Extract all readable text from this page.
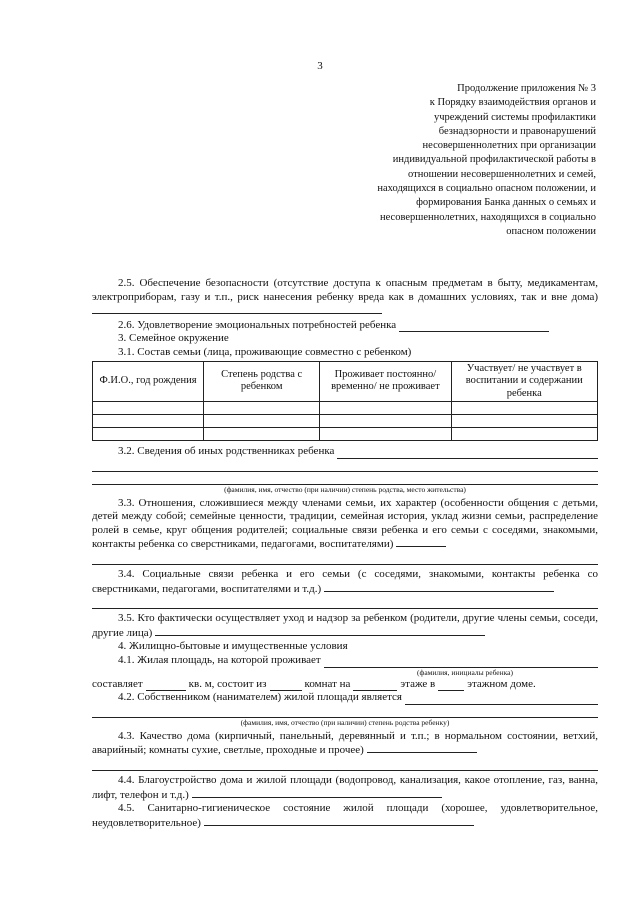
3
Продолжение приложения № 3
к Порядку взаимодействия органов и
учреждений системы профилактики
безнадзорности и правонарушений
несовершеннолетних при организации
индивидуальной профилактической работы в
отношении несовершеннолетних и семей,
находящихся в социально опасном положении, и
формирования Банка данных о семьях и
несовершеннолетних, находящихся в социально
опасном положении

2.5. Обеспечение безопасности (отсутствие доступа к опасным предметам в быту, медикаментам, электроприборам, газу и т.п., риск нанесения ребенку вреда как в домашних условиях, так и вне дома)

2.6. Удовлетворение эмоциональных потребностей ребенка

3. Семейное окружение

3.1. Состав семьи (лица, проживающие совместно с ребенком)

Ф.И.О., год рождения	Степень родства с ребенком	Проживает постоянно/временно/ не проживает	Участвует/ не участвует в воспитании и содержании ребенка

3.2. Сведения об иных родственниках ребенка
(фамилия, имя, отчество (при наличии) степень родства, место жительства)

3.3. Отношения, сложившиеся между членами семьи, их характер (особенности общения с детьми, детей между собой; семейные ценности, традиции, семейная история, уклад жизни семьи, распределение ролей в семье, круг общения родителей; социальные связи ребенка и его семьи с соседями, знакомыми, контакты ребенка со сверстниками, педагогами, воспитателями)

3.4. Социальные связи ребенка и его семьи (с соседями, знакомыми, контакты ребенка со сверстниками, педагогами, воспитателями и т.д.)

3.5. Кто фактически осуществляет уход и надзор за ребенком (родители, другие члены семьи, соседи, другие лица)

4. Жилищно-бытовые и имущественные условия

4.1. Жилая площадь, на которой проживает
(фамилия, инициалы ребенка)
составляет	кв. м, состоит из	комнат на	этаже в	этажном доме.
4.2. Собственником (нанимателем) жилой площади является
(фамилия, имя, отчество (при наличии) степень родства ребенку)

4.3. Качество дома (кирпичный, панельный, деревянный и т.п.; в нормальном состоянии, ветхий, аварийный; комнаты сухие, светлые, проходные и прочее)

4.4. Благоустройство дома и жилой площади (водопровод, канализация, какое отопление, газ, ванна, лифт, телефон и т.д.)

4.5. Санитарно-гигиеническое состояние жилой площади (хорошее, удовлетворительное, неудовлетворительное)
